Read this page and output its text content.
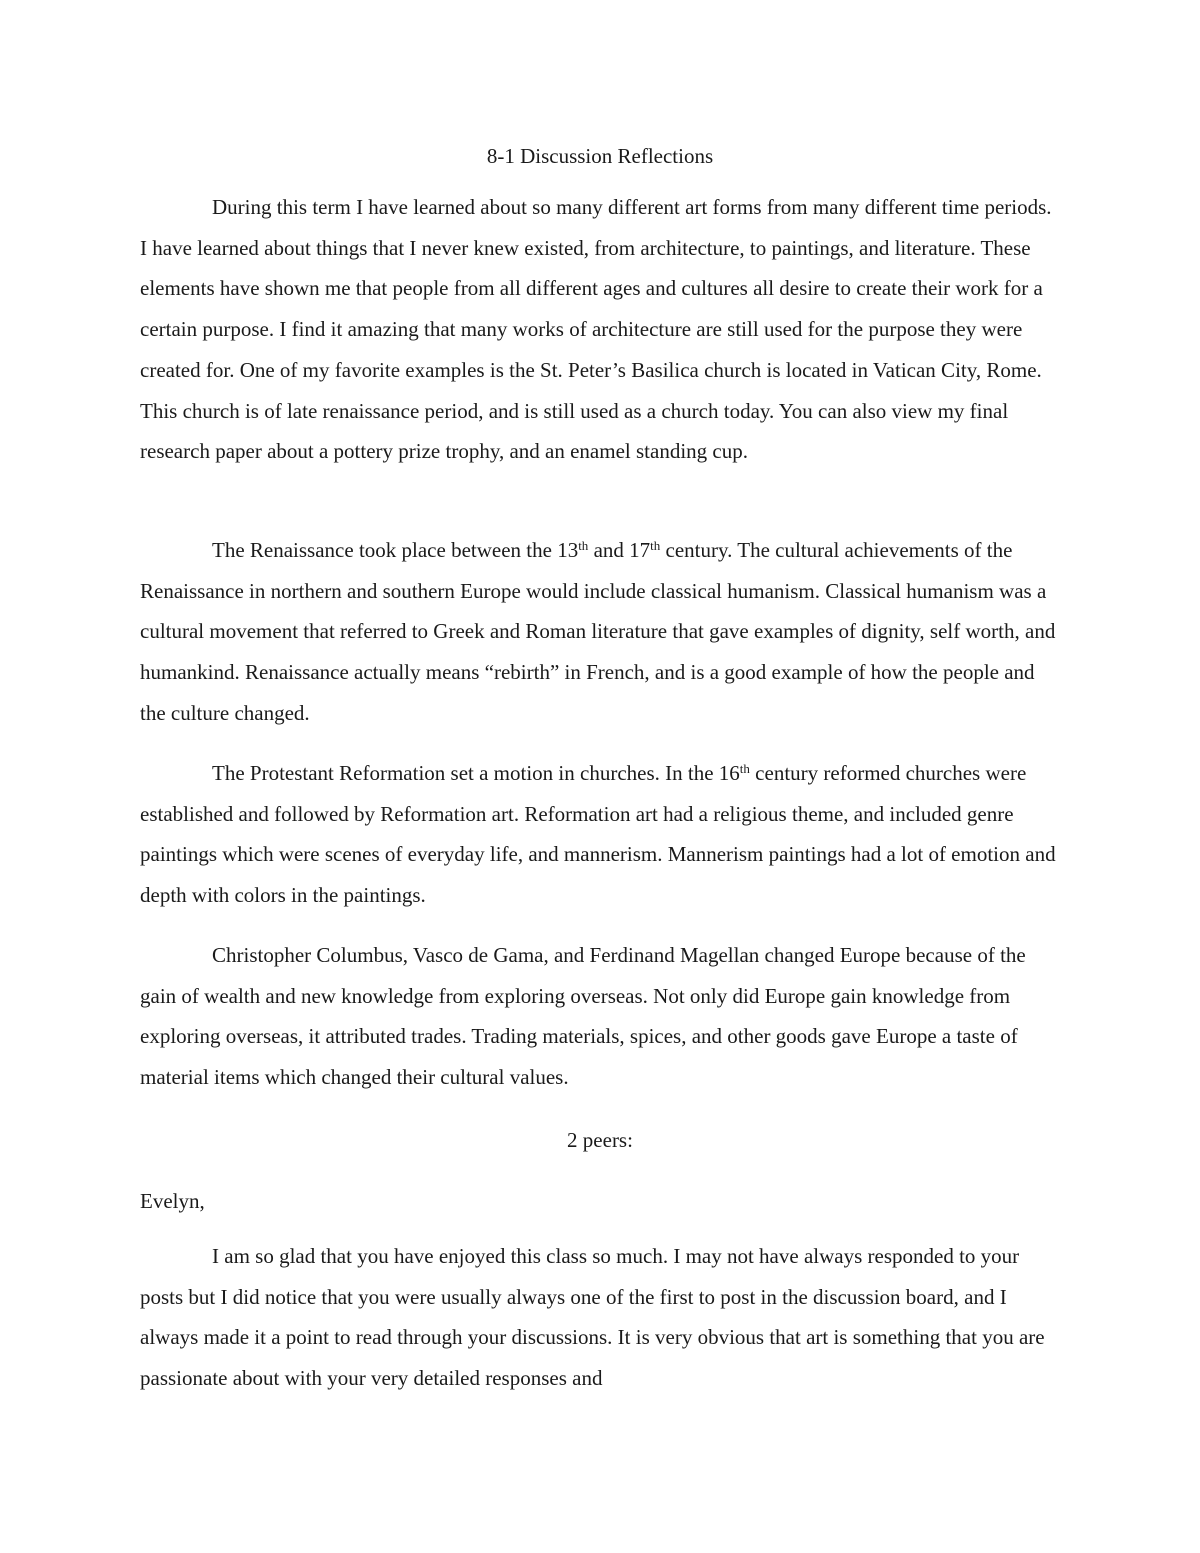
8-1 Discussion Reflections

During this term I have learned about so many different art forms from many different time periods. I have learned about things that I never knew existed, from architecture, to paintings, and literature. These elements have shown me that people from all different ages and cultures all desire to create their work for a certain purpose. I find it amazing that many works of architecture are still used for the purpose they were created for. One of my favorite examples is the St. Peter’s Basilica church is located in Vatican City, Rome. This church is of late renaissance period, and is still used as a church today. You can also view my final research paper about a pottery prize trophy, and an enamel standing cup.

The Renaissance took place between the 13th and 17th century. The cultural achievements of the Renaissance in northern and southern Europe would include classical humanism. Classical humanism was a cultural movement that referred to Greek and Roman literature that gave examples of dignity, self worth, and humankind. Renaissance actually means “rebirth” in French, and is a good example of how the people and the culture changed.

The Protestant Reformation set a motion in churches. In the 16th century reformed churches were established and followed by Reformation art. Reformation art had a religious theme, and included genre paintings which were scenes of everyday life, and mannerism. Mannerism paintings had a lot of emotion and depth with colors in the paintings.

Christopher Columbus, Vasco de Gama, and Ferdinand Magellan changed Europe because of the gain of wealth and new knowledge from exploring overseas. Not only did Europe gain knowledge from exploring overseas, it attributed trades. Trading materials, spices, and other goods gave Europe a taste of material items which changed their cultural values.

2 peers:
Evelyn,

I am so glad that you have enjoyed this class so much. I may not have always responded to your posts but I did notice that you were usually always one of the first to post in the discussion board, and I always made it a point to read through your discussions. It is very obvious that art is something that you are passionate about with your very detailed responses and
